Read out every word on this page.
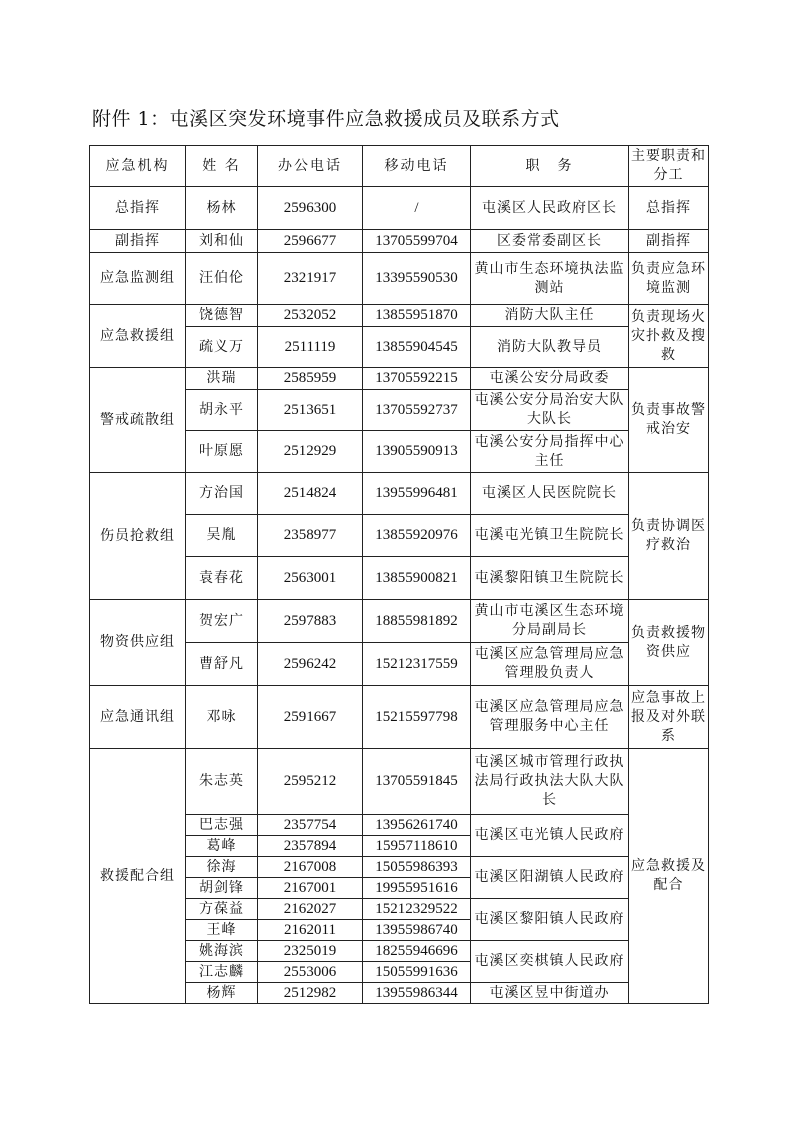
附件 1：屯溪区突发环境事件应急救援成员及联系方式
应急机构	姓 名	办公电话	移动电话	职　务	主要职责和分工
总指挥	杨林	2596300	/	屯溪区人民政府区长	总指挥
副指挥	刘和仙	2596677	13705599704	区委常委副区长	副指挥
应急监测组	汪伯伦	2321917	13395590530	黄山市生态环境执法监测站	负责应急环境监测
应急救援组	饶德智	2532052	13855951870	消防大队主任	负责现场火灾扑救及搜救
	疏义万	2511119	13855904545	消防大队教导员	
警戒疏散组	洪瑞	2585959	13705592215	屯溪公安分局政委	负责事故警戒治安
	胡永平	2513651	13705592737	屯溪公安分局治安大队大队长	
	叶原愿	2512929	13905590913	屯溪公安分局指挥中心主任	
伤员抢救组	方治国	2514824	13955996481	屯溪区人民医院院长	负责协调医疗救治
	吴胤	2358977	13855920976	屯溪屯光镇卫生院院长	
	袁春花	2563001	13855900821	屯溪黎阳镇卫生院院长	
物资供应组	贺宏广	2597883	18855981892	黄山市屯溪区生态环境分局副局长	负责救援物资供应
	曹舒凡	2596242	15212317559	屯溪区应急管理局应急管理股负责人	
应急通讯组	邓咏	2591667	15215597798	屯溪区应急管理局应急管理服务中心主任	应急事故上报及对外联系
救援配合组	朱志英	2595212	13705591845	屯溪区城市管理行政执法局行政执法大队大队长	应急救援及配合
	巴志强	2357754	13956261740	屯溪区屯光镇人民政府	
	葛峰	2357894	15957118610		
	徐海	2167008	15055986393	屯溪区阳湖镇人民政府	
	胡剑锋	2167001	19955951616		
	方葆益	2162027	15212329522	屯溪区黎阳镇人民政府	
	王峰	2162011	13955986740		
	姚海滨	2325019	18255946696	屯溪区奕棋镇人民政府	
	江志麟	2553006	15055991636		
	杨辉	2512982	13955986344	屯溪区昱中街道办	
